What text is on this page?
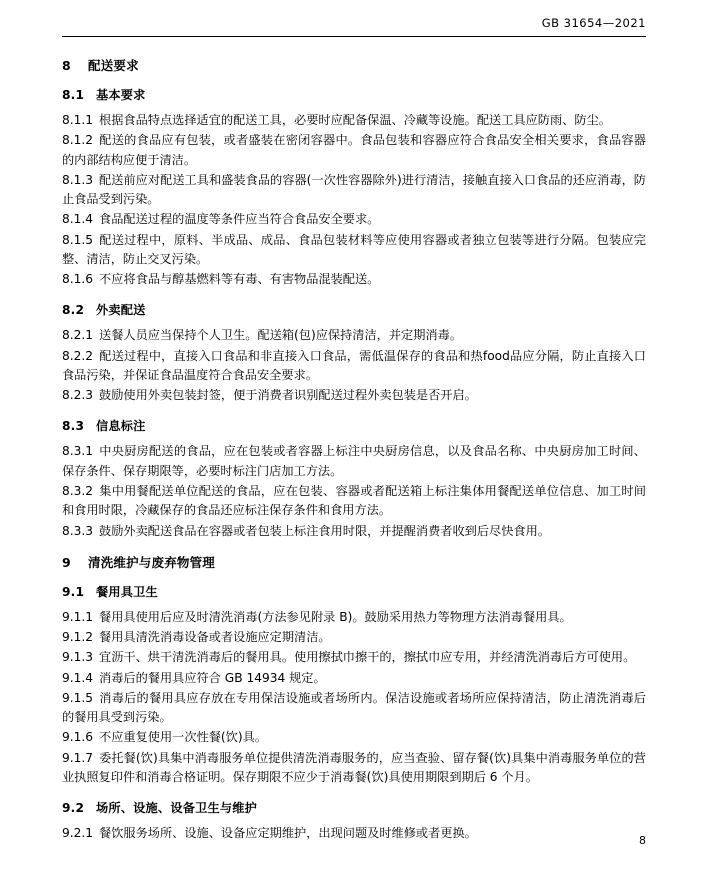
GB 31654—2021
8 配送要求
8.1 基本要求

8.1.1 根据食品特点选择适宜的配送工具，必要时应配备保温、冷藏等设施。配送工具应防雨、防尘。

8.1.2 配送的食品应有包装，或者盛装在密闭容器中。食品包装和容器应符合食品安全相关要求，食品容器的内部结构应便于清洁。

8.1.3 配送前应对配送工具和盛装食品的容器(一次性容器除外)进行清洁，接触直接入口食品的还应消毒，防止食品受到污染。

8.1.4 食品配送过程的温度等条件应当符合食品安全要求。

8.1.5 配送过程中，原料、半成品、成品、食品包装材料等应使用容器或者独立包装等进行分隔。包装应完整、清洁，防止交叉污染。

8.1.6 不应将食品与醇基燃料等有毒、有害物品混装配送。

8.2 外卖配送

8.2.1 送餐人员应当保持个人卫生。配送箱(包)应保持清洁，并定期消毒。

8.2.2 配送过程中，直接入口食品和非直接入口食品，需低温保存的食品和热food品应分隔，防止直接入口食品污染，并保证食品温度符合食品安全要求。

8.2.3 鼓励使用外卖包装封签，便于消费者识别配送过程外卖包装是否开启。

8.3 信息标注

8.3.1 中央厨房配送的食品，应在包装或者容器上标注中央厨房信息，以及食品名称、中央厨房加工时间、保存条件、保存期限等，必要时标注门店加工方法。

8.3.2 集中用餐配送单位配送的食品，应在包装、容器或者配送箱上标注集体用餐配送单位信息、加工时间和食用时限，冷藏保存的食品还应标注保存条件和食用方法。

8.3.3 鼓励外卖配送食品在容器或者包装上标注食用时限，并提醒消费者收到后尽快食用。

9 清洗维护与废弃物管理
9.1 餐用具卫生

9.1.1 餐用具使用后应及时清洗消毒(方法参见附录 B)。鼓励采用热力等物理方法消毒餐用具。

9.1.2 餐用具清洗消毒设备或者设施应定期清洁。

9.1.3 宜沥干、烘干清洗消毒后的餐用具。使用擦拭巾擦干的，擦拭巾应专用，并经清洗消毒后方可使用。

9.1.4 消毒后的餐用具应符合 GB 14934 规定。

9.1.5 消毒后的餐用具应存放在专用保洁设施或者场所内。保洁设施或者场所应保持清洁，防止清洗消毒后的餐用具受到污染。

9.1.6 不应重复使用一次性餐(饮)具。

9.1.7 委托餐(饮)具集中消毒服务单位提供清洗消毒服务的，应当查验、留存餐(饮)具集中消毒服务单位的营业执照复印件和消毒合格证明。保存期限不应少于消毒餐(饮)具使用期限到期后 6 个月。

9.2 场所、设施、设备卫生与维护

9.2.1 餐饮服务场所、设施、设备应定期维护，出现问题及时维修或者更换。

8
